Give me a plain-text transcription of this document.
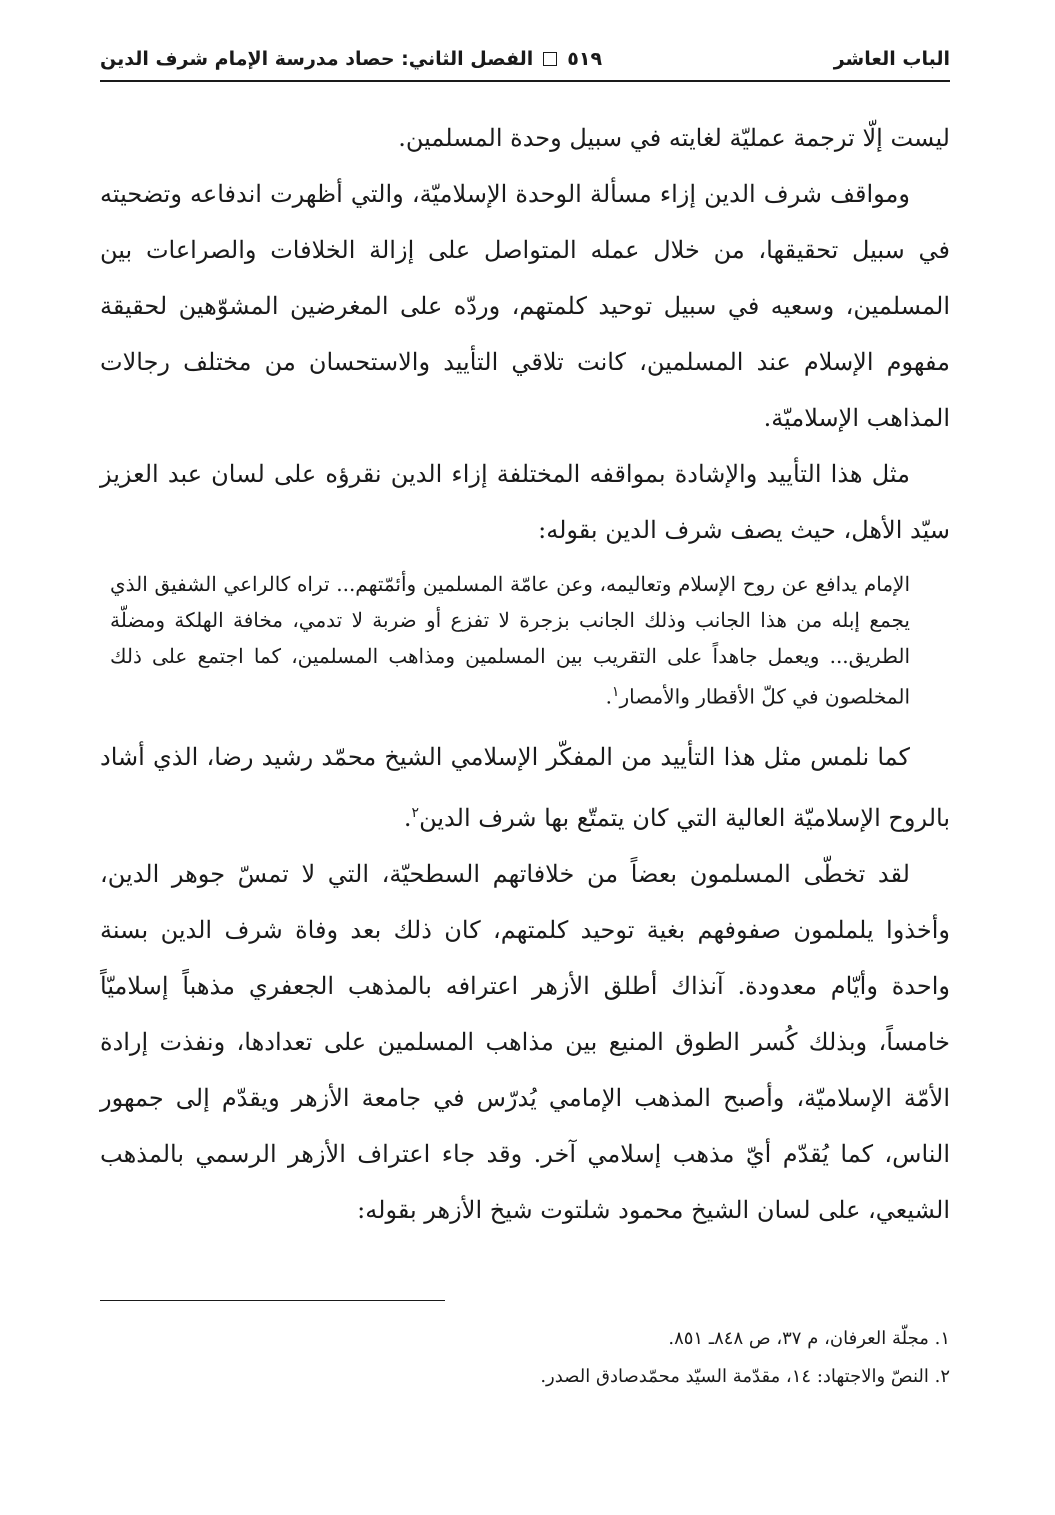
الباب العاشر
الفصل الثاني: حصاد مدرسة الإمام شرف الدين ٥١٩

ليست إلّا ترجمة عمليّة لغايته في سبيل وحدة المسلمين.

ومواقف شرف الدين إزاء مسألة الوحدة الإسلاميّة، والتي أظهرت اندفاعه وتضحيته في سبيل تحقيقها، من خلال عمله المتواصل على إزالة الخلافات والصراعات بين المسلمين، وسعيه في سبيل توحيد كلمتهم، وردّه على المغرضين المشوّهين لحقيقة مفهوم الإسلام عند المسلمين، كانت تلاقي التأييد والاستحسان من مختلف رجالات المذاهب الإسلاميّة.

مثل هذا التأييد والإشادة بمواقفه المختلفة إزاء الدين نقرؤه على لسان عبد العزيز سيّد الأهل، حيث يصف شرف الدين بقوله:

الإمام يدافع عن روح الإسلام وتعاليمه، وعن عامّة المسلمين وأئمّتهم... تراه كالراعي الشفيق الذي يجمع إبله من هذا الجانب وذلك الجانب بزجرة لا تفزع أو ضربة لا تدمي، مخافة الهلكة ومضلّة الطريق... ويعمل جاهداً على التقريب بين المسلمين ومذاهب المسلمين، كما اجتمع على ذلك المخلصون في كلّ الأقطار والأمصار$^١$.

كما نلمس مثل هذا التأييد من المفكّر الإسلامي الشيخ محمّد رشيد رضا، الذي أشاد بالروح الإسلاميّة العالية التي كان يتمتّع بها شرف الدين$^٢$.

لقد تخطّى المسلمون بعضاً من خلافاتهم السطحيّة، التي لا تمسّ جوهر الدين، وأخذوا يلملمون صفوفهم بغية توحيد كلمتهم، كان ذلك بعد وفاة شرف الدين بسنة واحدة وأيّام معدودة. آنذاك أطلق الأزهر اعترافه بالمذهب الجعفري مذهباً إسلاميّاً خامساً، وبذلك كُسر الطوق المنيع بين مذاهب المسلمين على تعدادها، ونفذت إرادة الأمّة الإسلاميّة، وأصبح المذهب الإمامي يُدرّس في جامعة الأزهر ويقدّم إلى جمهور الناس، كما يُقدّم أيّ مذهب إسلامي آخر. وقد جاء اعتراف الأزهر الرسمي بالمذهب الشيعي، على لسان الشيخ محمود شلتوت شيخ الأزهر بقوله:

١. مجلّة العرفان، م ٣٧، ص ٨٤٨ـ ٨٥١.

٢. النصّ والاجتهاد: ١٤، مقدّمة السيّد محمّدصادق الصدر.
